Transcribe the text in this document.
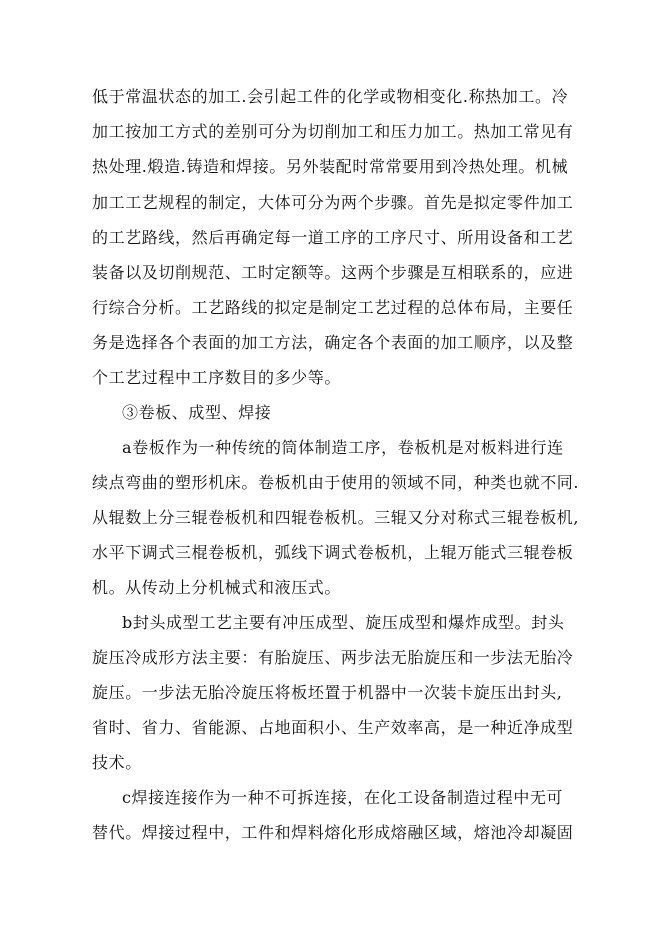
低于常温状态的加工.会引起工件的化学或物相变化.称热加工。冷
加工按加工方式的差别可分为切削加工和压力加工。热加工常见有
热处理.煅造.铸造和焊接。另外装配时常常要用到冷热处理。机械
加工工艺规程的制定，大体可分为两个步骤。首先是拟定零件加工
的工艺路线，然后再确定每一道工序的工序尺寸、所用设备和工艺
装备以及切削规范、工时定额等。这两个步骤是互相联系的，应进
行综合分析。工艺路线的拟定是制定工艺过程的总体布局，主要任
务是选择各个表面的加工方法，确定各个表面的加工顺序，以及整
个工艺过程中工序数目的多少等。
③卷板、成型、焊接
a卷板作为一种传统的筒体制造工序，卷板机是对板料进行连
续点弯曲的塑形机床。卷板机由于使用的领域不同，种类也就不同.
从辊数上分三辊卷板机和四辊卷板机。三辊又分对称式三辊卷板机,
水平下调式三棍卷板机，弧线下调式卷板机，上辊万能式三辊卷板
机。从传动上分机械式和液压式。
b封头成型工艺主要有冲压成型、旋压成型和爆炸成型。封头
旋压冷成形方法主要：有胎旋压、两步法无胎旋压和一步法无胎冷
旋压。一步法无胎冷旋压将板坯置于机器中一次装卡旋压出封头,
省时、省力、省能源、占地面积小、生产效率高，是一种近净成型
技术。
c焊接连接作为一种不可拆连接，在化工设备制造过程中无可
替代。焊接过程中，工件和焊料熔化形成熔融区域，熔池冷却凝固
